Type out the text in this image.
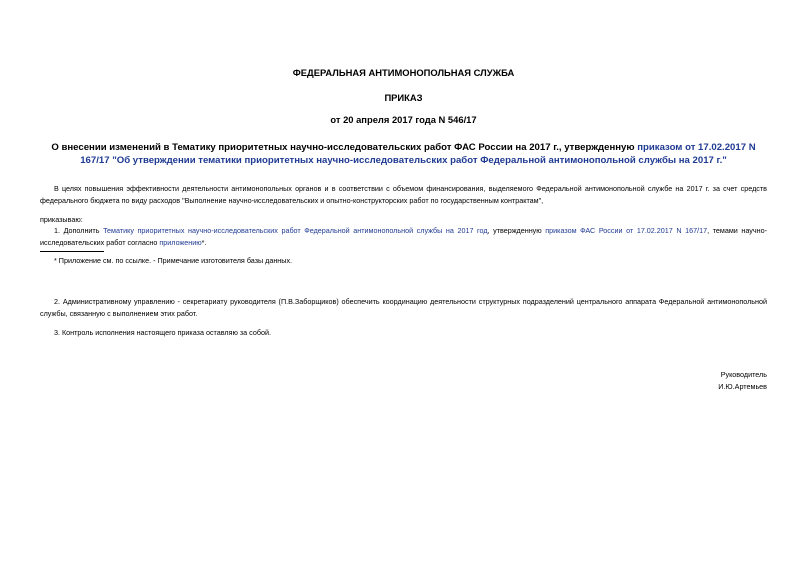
ФЕДЕРАЛЬНАЯ АНТИМОНОПОЛЬНАЯ СЛУЖБА
ПРИКАЗ
от 20 апреля 2017 года N 546/17
О внесении изменений в Тематику приоритетных научно-исследовательских работ ФАС России на 2017 г., утвержденную приказом от 17.02.2017 N 167/17 "Об утверждении тематики приоритетных научно-исследовательских работ Федеральной антимонопольной службы на 2017 г."
В целях повышения эффективности деятельности антимонопольных органов и в соответствии с объемом финансирования, выделяемого Федеральной антимонопольной службе на 2017 г. за счет средств федерального бюджета по виду расходов "Выполнение научно-исследовательских и опытно-конструкторских работ по государственным контрактам",
приказываю:
1. Дополнить Тематику приоритетных научно-исследовательских работ Федеральной антимонопольной службы на 2017 год, утвержденную приказом ФАС России от 17.02.2017 N 167/17, темами научно-исследовательских работ согласно приложению*.
* Приложение см. по ссылке. - Примечание изготовителя базы данных.
2. Административному управлению - секретариату руководителя (П.В.Заборщиков) обеспечить координацию деятельности структурных подразделений центрального аппарата Федеральной антимонопольной службы, связанную с выполнением этих работ.
3. Контроль исполнения настоящего приказа оставляю за собой.
Руководитель
И.Ю.Артемьев
